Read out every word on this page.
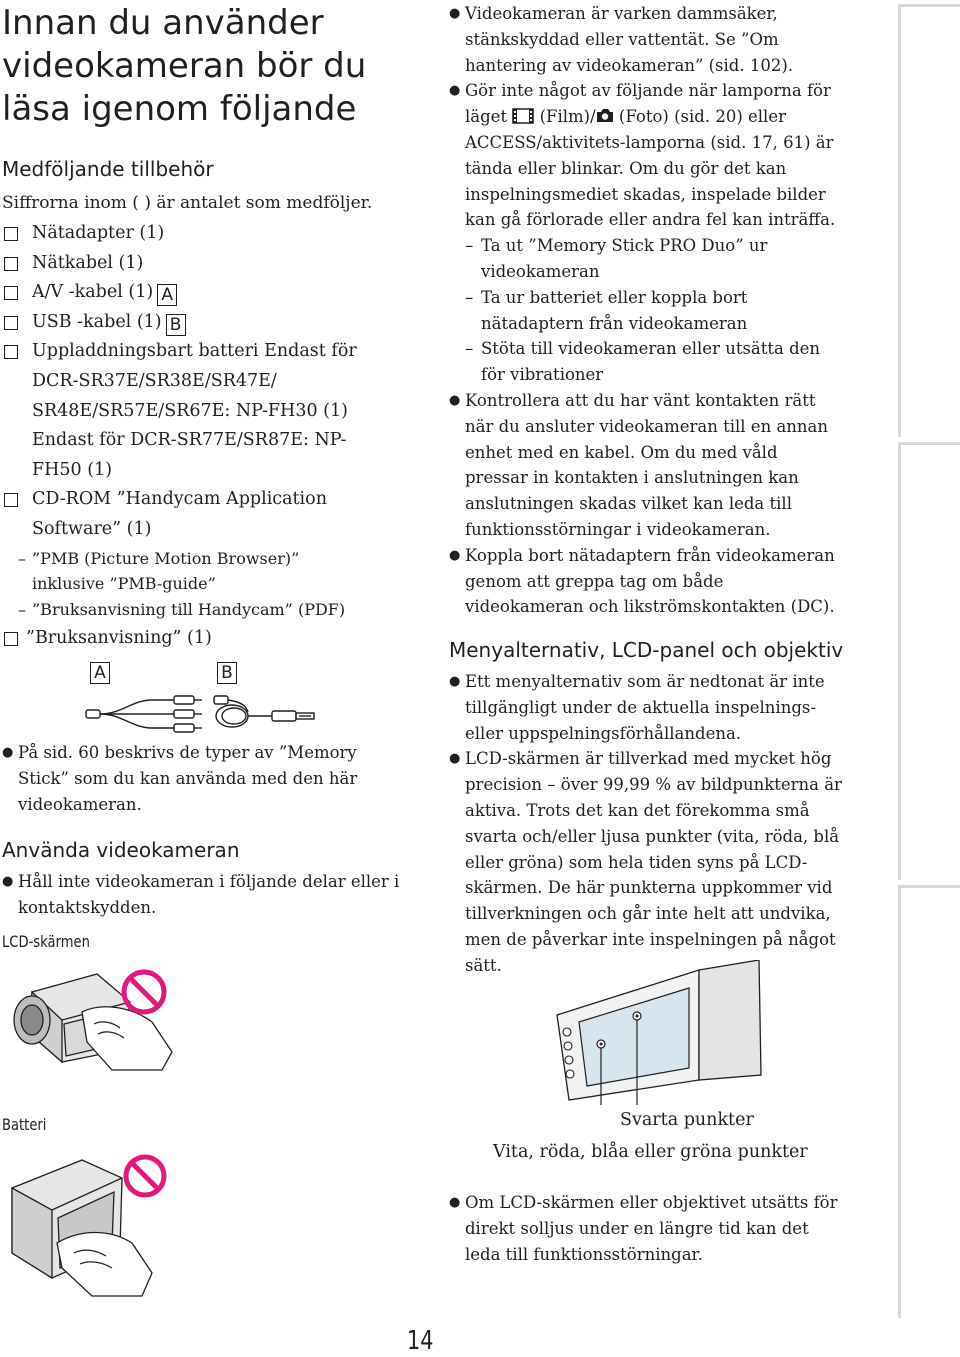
Innan du använder videokameran bör du läsa igenom följande
Medföljande tillbehör
Siffrorna inom ( ) är antalet som medföljer.
Nätadapter (1)
Nätkabel (1)
A/V -kabel (1) A
USB -kabel (1) B
Uppladdningsbart batteri Endast för DCR-SR37E/SR38E/SR47E/ SR48E/SR57E/SR67E: NP-FH30 (1) Endast för DCR-SR77E/SR87E: NP-FH50 (1)
CD-ROM ”Handycam Application Software” (1)
– ”PMB (Picture Motion Browser)” inklusive ”PMB-guide”
– ”Bruksanvisning till Handycam” (PDF)
”Bruksanvisning” (1)
A	B
● På sid. 60 beskrivs de typer av ”Memory Stick” som du kan använda med den här videokameran.
Använda videokameran
● Håll inte videokameran i följande delar eller i kontaktskydden.
LCD-skärmen
Batteri
● Videokameran är varken dammsäker, stänkskyddad eller vattentät. Se ”Om hantering av videokameran” (sid. 102).
● Gör inte något av följande när lamporna för läget (Film)/ (Foto) (sid. 20) eller ACCESS/aktivitets-lamporna (sid. 17, 61) är tända eller blinkar. Om du gör det kan inspelningsmediet skadas, inspelade bilder kan gå förlorade eller andra fel kan inträffa.
– Ta ut ”Memory Stick PRO Duo” ur videokameran
– Ta ur batteriet eller koppla bort nätadaptern från videokameran
– Stöta till videokameran eller utsätta den för vibrationer
● Kontrollera att du har vänt kontakten rätt när du ansluter videokameran till en annan enhet med en kabel. Om du med våld pressar in kontakten i anslutningen kan anslutningen skadas vilket kan leda till funktionsstörningar i videokameran.
● Koppla bort nätadaptern från videokameran genom att greppa tag om både videokameran och likströmskontakten (DC).
Menyalternativ, LCD-panel och objektiv
● Ett menyalternativ som är nedtonat är inte tillgängligt under de aktuella inspelnings- eller uppspelningsförhållandena.
● LCD-skärmen är tillverkad med mycket hög precision – över 99,99 % av bildpunkterna är aktiva. Trots det kan det förekomma små svarta och/eller ljusa punkter (vita, röda, blå eller gröna) som hela tiden syns på LCD-skärmen. De här punkterna uppkommer vid tillverkningen och går inte helt att undvika, men de påverkar inte inspelningen på något sätt.
Svarta punkter
Vita, röda, blåa eller gröna punkter
● Om LCD-skärmen eller objektivet utsätts för direkt solljus under en längre tid kan det leda till funktionsstörningar.
14
